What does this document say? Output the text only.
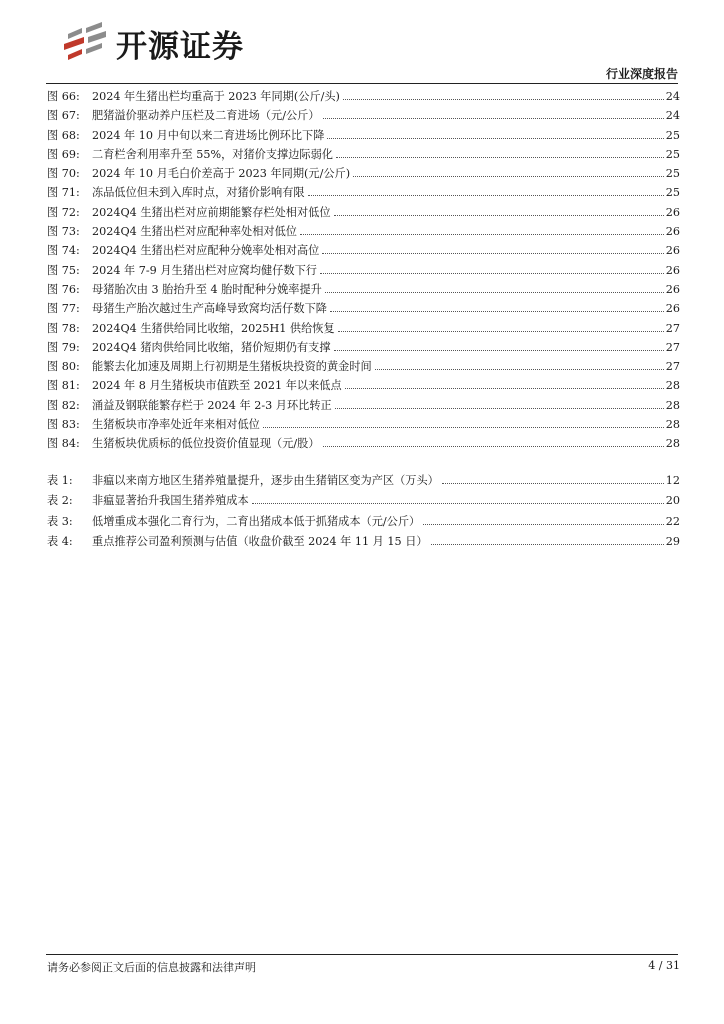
开源证券
行业深度报告
图 66:	2024 年生猪出栏均重高于 2023 年同期(公斤/头)	24
图 67:	肥猪溢价驱动养户压栏及二育进场（元/公斤）	24
图 68:	2024 年 10 月中旬以来二育进场比例环比下降	25
图 69:	二育栏舍利用率升至 55%，对猪价支撑边际弱化	25
图 70:	2024 年 10 月毛白价差高于 2023 年同期(元/公斤)	25
图 71:	冻品低位但未到入库时点，对猪价影响有限	25
图 72:	2024Q4 生猪出栏对应前期能繁存栏处相对低位	26
图 73:	2024Q4 生猪出栏对应配种率处相对低位	26
图 74:	2024Q4 生猪出栏对应配种分娩率处相对高位	26
图 75:	2024 年 7-9 月生猪出栏对应窝均健仔数下行	26
图 76:	母猪胎次由 3 胎抬升至 4 胎时配种分娩率提升	26
图 77:	母猪生产胎次越过生产高峰导致窝均活仔数下降	26
图 78:	2024Q4 生猪供给同比收缩，2025H1 供给恢复	27
图 79:	2024Q4 猪肉供给同比收缩，猪价短期仍有支撑	27
图 80:	能繁去化加速及周期上行初期是生猪板块投资的黄金时间	27
图 81:	2024 年 8 月生猪板块市值跌至 2021 年以来低点	28
图 82:	涌益及钢联能繁存栏于 2024 年 2-3 月环比转正	28
图 83:	生猪板块市净率处近年来相对低位	28
图 84:	生猪板块优质标的低位投资价值显现（元/股）	28
表 1:	非瘟以来南方地区生猪养殖量提升，逐步由生猪销区变为产区（万头）	12
表 2:	非瘟显著抬升我国生猪养殖成本	20
表 3:	低增重成本强化二育行为，二育出猪成本低于抓猪成本（元/公斤）	22
表 4:	重点推荐公司盈利预测与估值（收盘价截至 2024 年 11 月 15 日）	29
请务必参阅正文后面的信息披露和法律声明	4 / 31
